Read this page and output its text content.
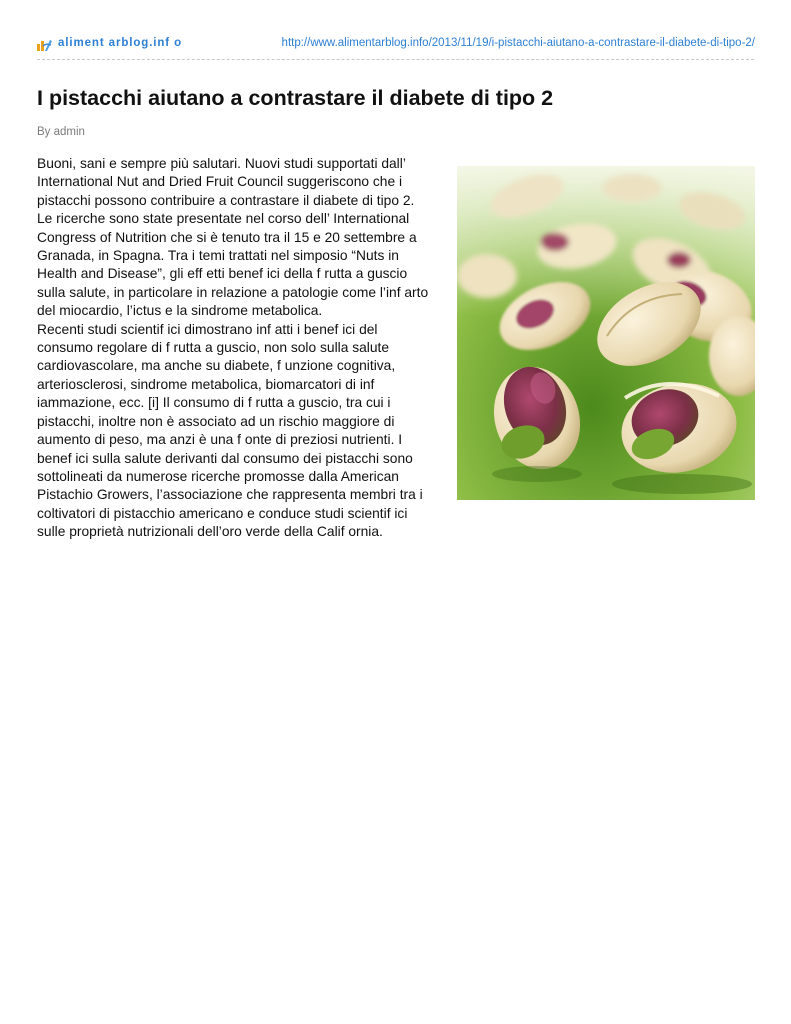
aliment arblog.inf o	http://www.alimentarblog.info/2013/11/19/i-pistacchi-aiutano-a-contrastare-il-diabete-di-tipo-2/
I pistacchi aiutano a contrastare il diabete di tipo 2
By admin

Buoni, sani e sempre più salutari. Nuovi studi supportati dall’ International Nut and Dried Fruit Council suggeriscono che i pistacchi possono contribuire a contrastare il diabete di tipo 2. Le ricerche sono state presentate nel corso dell’ International Congress of Nutrition che si è tenuto tra il 15 e 20 settembre a Granada, in Spagna. Tra i temi trattati nel simposio “Nuts in Health and Disease”, gli eff etti benef ici della f rutta a guscio sulla salute, in particolare in relazione a patologie come l’inf arto del miocardio, l’ictus e la sindrome metabolica.

Recenti studi scientif ici dimostrano inf atti i benef ici del consumo regolare di f rutta a guscio, non solo sulla salute cardiovascolare, ma anche su diabete, f unzione cognitiva, arteriosclerosi, sindrome metabolica, biomarcatori di inf iammazione, ecc. [i] Il consumo di f rutta a guscio, tra cui i pistacchi, inoltre non è associato ad un rischio maggiore di aumento di peso, ma anzi è una f onte di preziosi nutrienti. I benef ici sulla salute derivanti dal consumo dei pistacchi sono sottolineati da numerose ricerche promosse dalla American Pistachio Growers, l’associazione che rappresenta membri tra i coltivatori di pistacchio americano e conduce studi scientif ici sulle proprietà nutrizionali dell’oro verde della Calif ornia.
